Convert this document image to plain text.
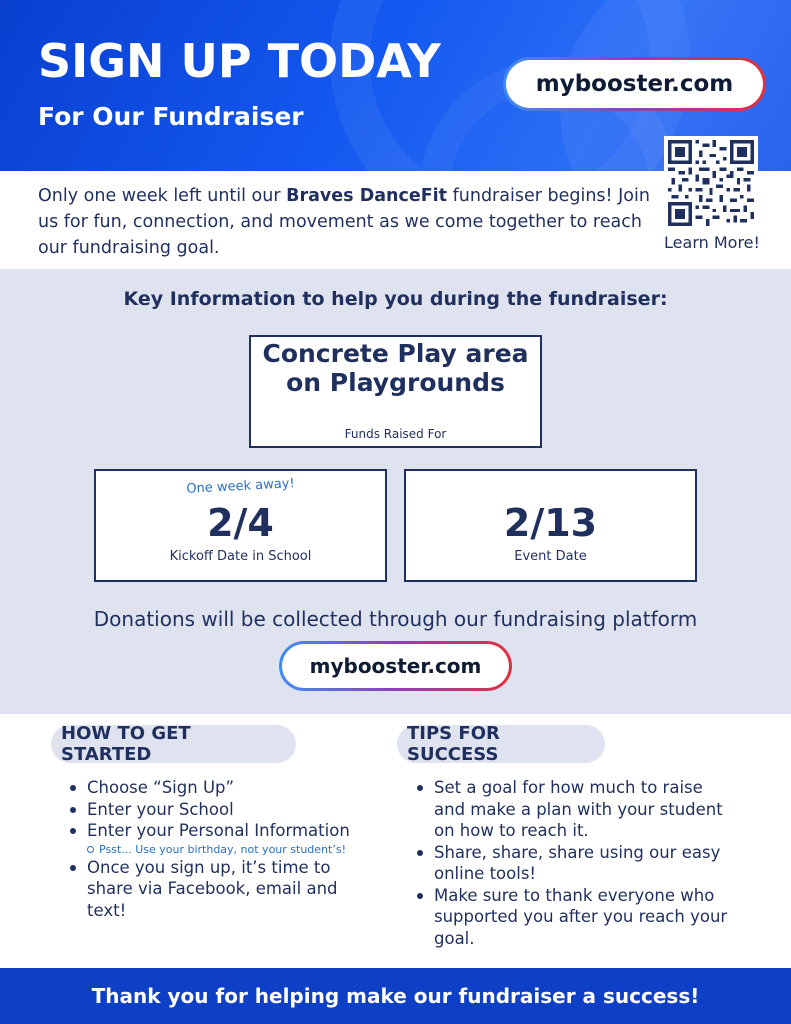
SIGN UP TODAY
For Our Fundraiser
mybooster.com
Learn More!

Only one week left until our Braves DanceFit fundraiser begins! Join us for fun, connection, and movement as we come together to reach our fundraising goal.

Key Information to help you during the fundraiser:
Concrete Play area on Playgrounds
Funds Raised For
One week away!
2/4
Kickoff Date in School
2/13
Event Date
Donations will be collected through our fundraising platform
mybooster.com
HOW TO GET STARTED
Choose “Sign Up”
Enter your School
Enter your Personal Information
Psst... Use your birthday, not your student’s!
Once you sign up, it’s time to share via Facebook, email and text!
TIPS FOR SUCCESS
Set a goal for how much to raise and make a plan with your student on how to reach it.
Share, share, share using our easy online tools!
Make sure to thank everyone who supported you after you reach your goal.
Thank you for helping make our fundraiser a success!
